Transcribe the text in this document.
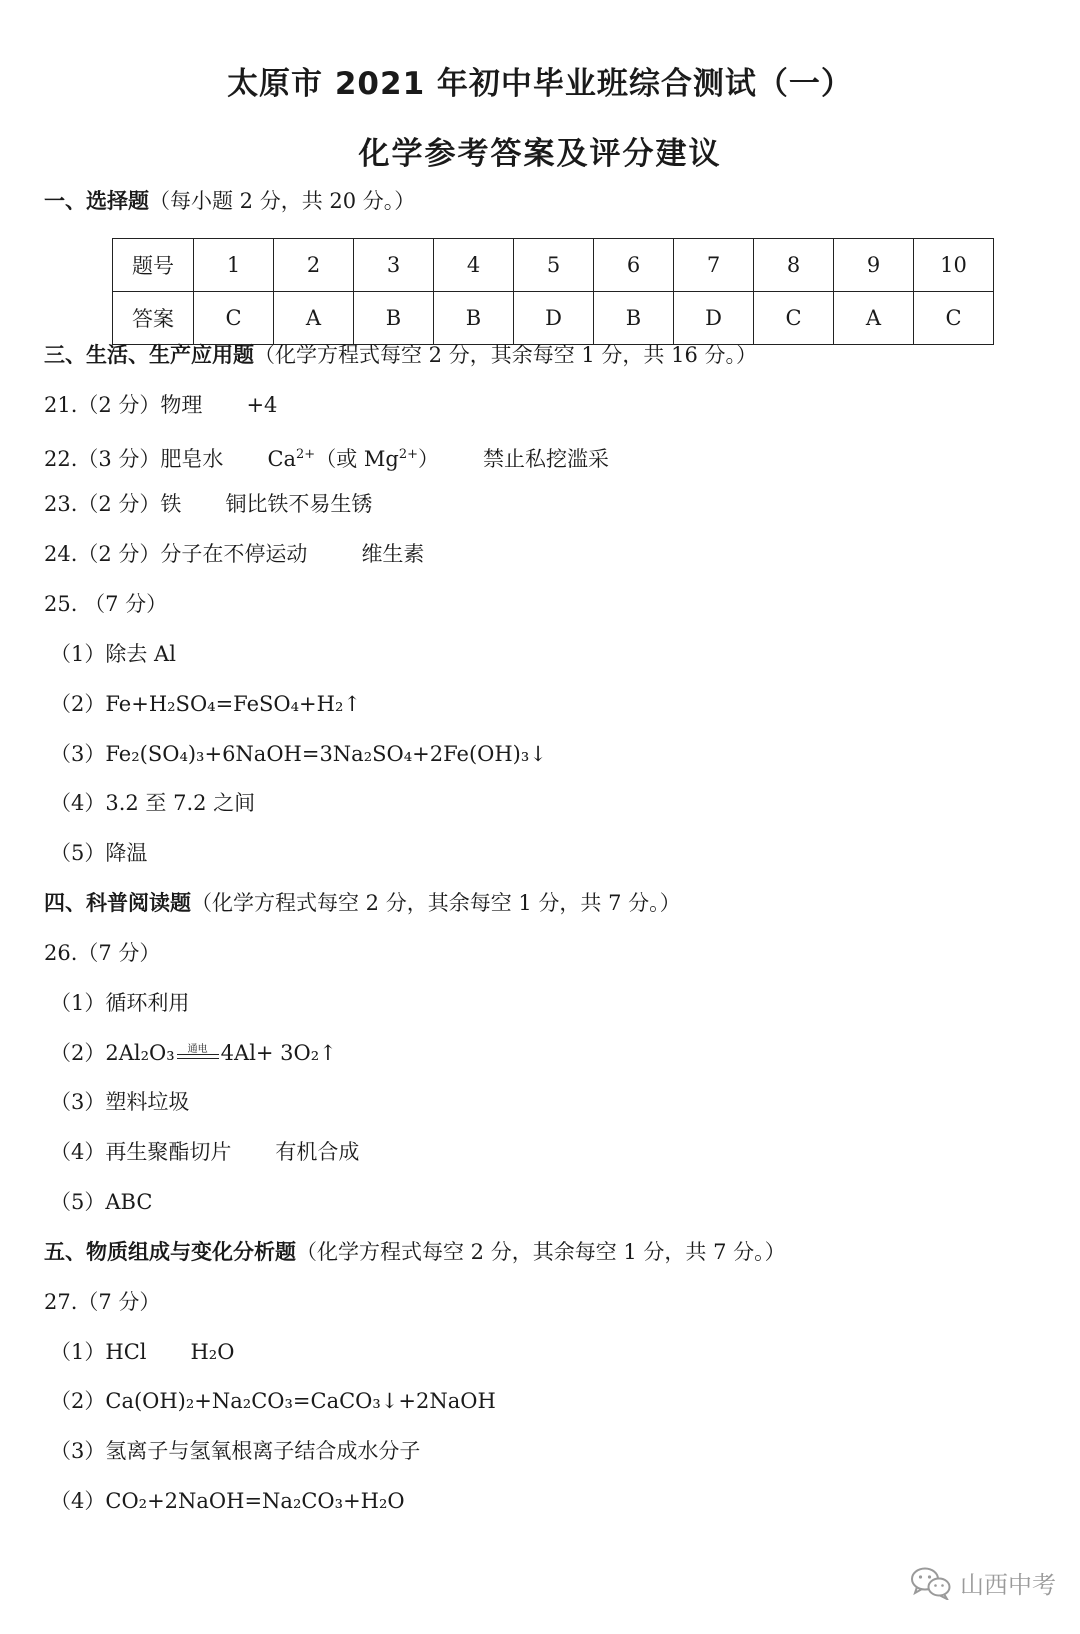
太原市 2021 年初中毕业班综合测试（一）
化学参考答案及评分建议
一、选择题（每小题 2 分，共 20 分。）
题号	1	2	3	4	5	6	7	8	9	10
答案	C	A	B	B	D	B	D	C	A	C
三、生活、生产应用题（化学方程式每空 2 分，其余每空 1 分，共 16 分。）
21.（2 分）物理 +4
22.（3 分）肥皂水 $Ca^{2+}$（或 $Mg^{2+}$） 禁止私挖滥采
23.（2 分）铁 铜比铁不易生锈
24.（2 分）分子在不停运动	维生素
25. （7 分）
（1）除去 Al
（2）Fe+H₂SO₄=FeSO₄+H₂↑
（3）Fe₂(SO₄)₃+6NaOH=3Na₂SO₄+2Fe(OH)₃↓
（4）3.2 至 7.2 之间
（5）降温
四、科普阅读题（化学方程式每空 2 分，其余每空 1 分，共 7 分。）
26.（7 分）
（1）循环利用
（2）2Al₂O₃	通电 4Al+ 3O₂↑
（3）塑料垃圾
（4）再生聚酯切片 有机合成
（5）ABC
五、物质组成与变化分析题（化学方程式每空 2 分，其余每空 1 分，共 7 分。）
27.（7 分）
（1）HCl H₂O
（2）Ca(OH)₂+Na₂CO₃=CaCO₃↓+2NaOH
（3）氢离子与氢氧根离子结合成水分子
（4）CO₂+2NaOH=Na₂CO₃+H₂O
山西中考
